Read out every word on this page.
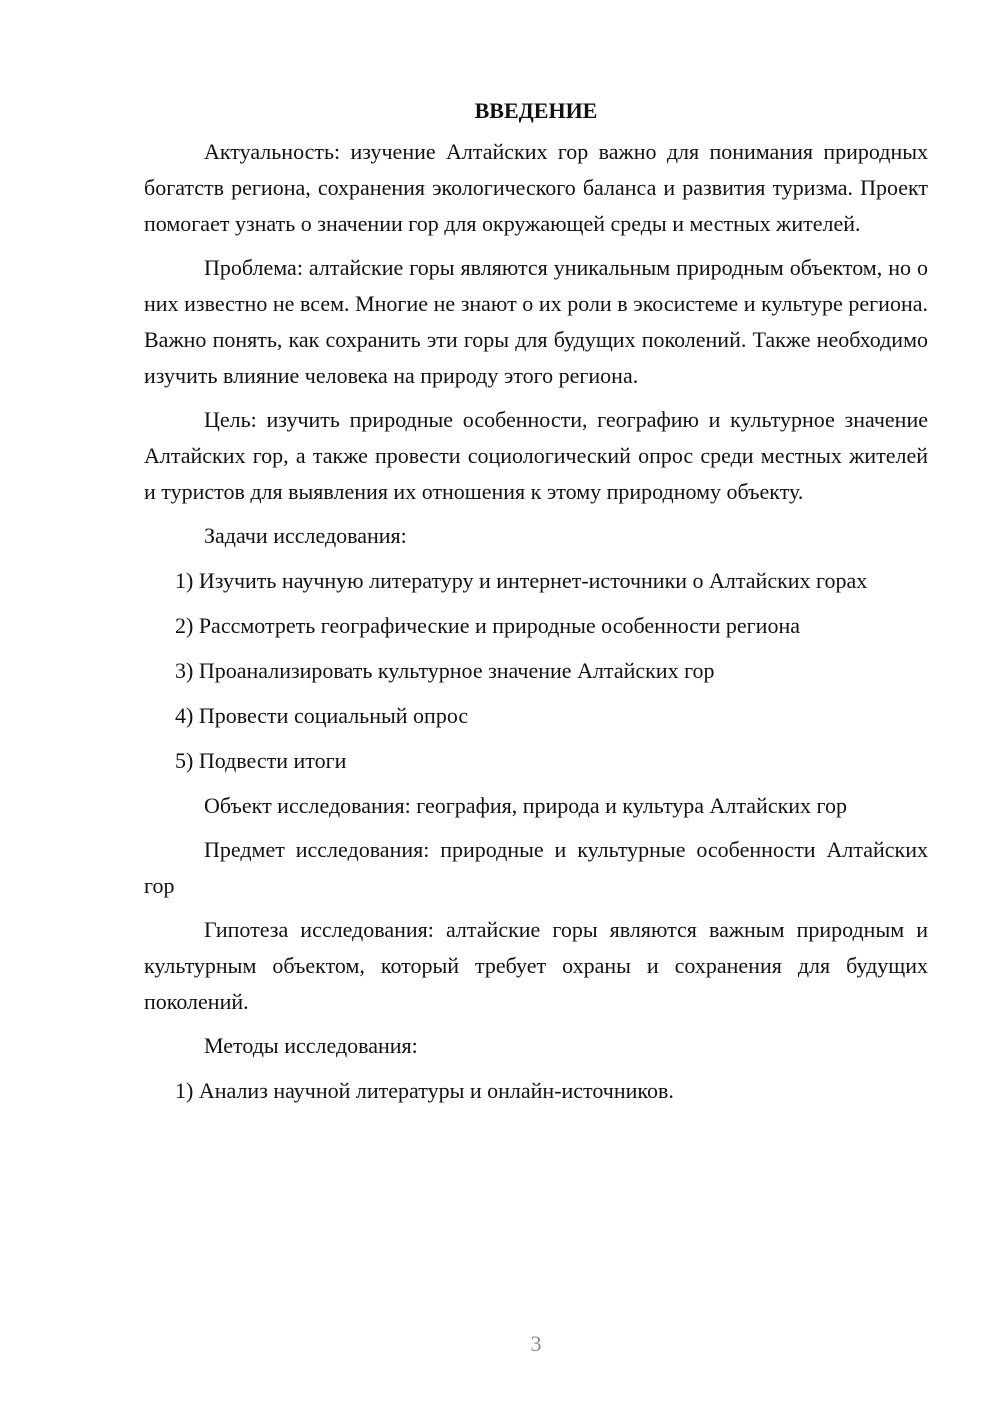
ВВЕДЕНИЕ
Актуальность: изучение Алтайских гор важно для понимания природных богатств региона, сохранения экологического баланса и развития туризма. Проект помогает узнать о значении гор для окружающей среды и местных жителей.
Проблема: алтайские горы являются уникальным природным объектом, но о них известно не всем. Многие не знают о их роли в экосистеме и культуре региона. Важно понять, как сохранить эти горы для будущих поколений. Также необходимо изучить влияние человека на природу этого региона.
Цель: изучить природные особенности, географию и культурное значение Алтайских гор, а также провести социологический опрос среди местных жителей и туристов для выявления их отношения к этому природному объекту.
Задачи исследования:
1) Изучить научную литературу и интернет-источники о Алтайских горах
2) Рассмотреть географические и природные особенности региона
3) Проанализировать культурное значение Алтайских гор
4) Провести социальный опрос
5) Подвести итоги
Объект исследования: география, природа и культура Алтайских гор
Предмет исследования: природные и культурные особенности Алтайских гор
Гипотеза исследования: алтайские горы являются важным природным и культурным объектом, который требует охраны и сохранения для будущих поколений.
Методы исследования:
1) Анализ научной литературы и онлайн-источников.
3
